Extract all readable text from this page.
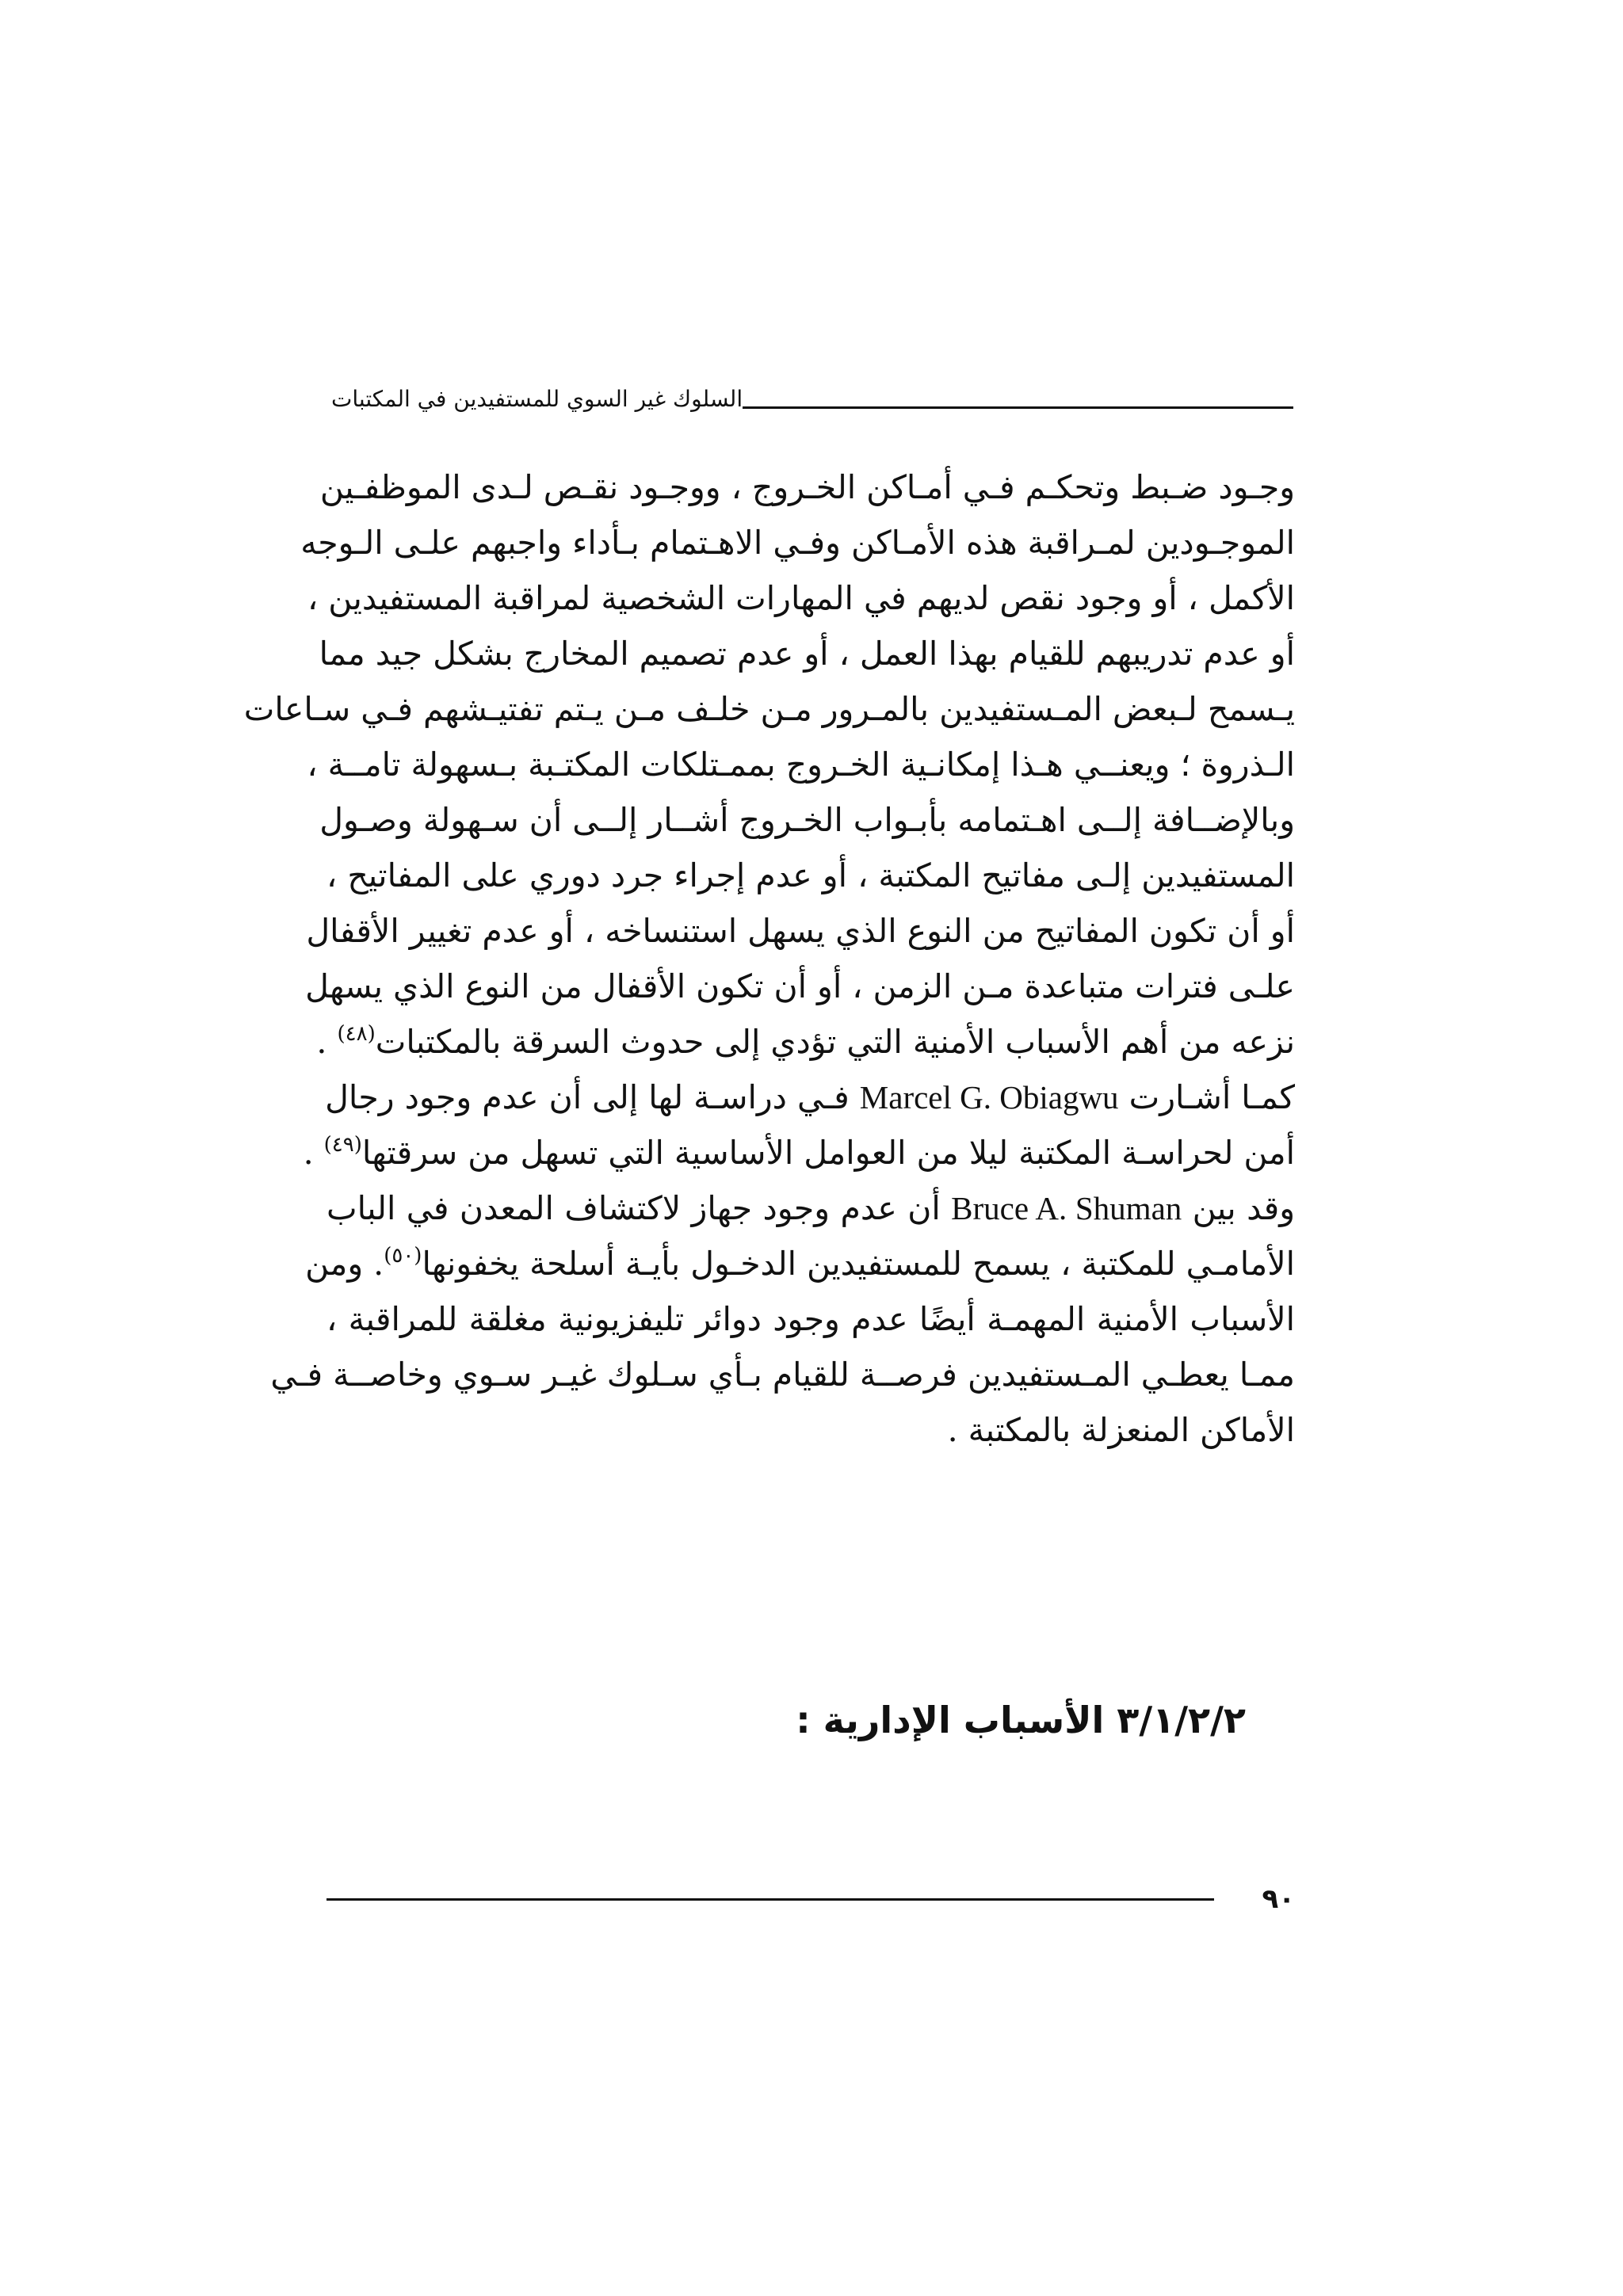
السلوك غير السوي للمستفيدين في المكتبات
وجـود ضـبط وتحكـم فـي أمـاكن الخـروج ، ووجـود نقـص لـدى الموظفـين
الموجـودين لمـراقبة هذه الأمـاكن وفـي الاهـتمام بـأداء واجبهم علـى الـوجه
الأكمل ، أو وجود نقص لديهم في المهارات الشخصية لمراقبة المستفيدين ،
أو عدم تدريبهم للقيام بهذا العمل ، أو عدم تصميم المخارج بشكل جيد مما
يـسمح لـبعض المـستفيدين بالمـرور مـن خلـف مـن يـتم تفتيـشهم فـي سـاعات
الـذروة ؛ ويعنــي هـذا إمكانـية الخـروج بممـتلكات المكتـبة بـسهولة تامــة ،
وبالإضــافة إلــى اهـتمامه بأبـواب الخـروج أشــار إلــى أن سـهولة وصـول
المستفيدين إلـى مفاتيح المكتبة ، أو عدم إجراء جرد دوري على المفاتيح ،
أو أن تكون المفاتيح من النوع الذي يسهل استنساخه ، أو عدم تغيير الأقفال
علـى فترات متباعدة مـن الزمن ، أو أن تكون الأقفال من النوع الذي يسهل
نزعه من أهم الأسباب الأمنية التي تؤدي إلى حدوث السرقة بالمكتبات$^{(٤٨)}$ .
كمـا أشـارت Marcel G. Obiagwu فـي دراسـة لها إلى أن عدم وجود رجال
أمن لحراسـة المكتبة ليلا من العوامل الأساسية التي تسهل من سرقتها$^{(٤٩)}$ .
وقد بين Bruce A. Shuman أن عدم وجود جهاز لاكتشاف المعدن في الباب
الأمامـي للمكتبة ، يسمح للمستفيدين الدخـول بأيـة أسلحة يخفونها$^{(٥٠)}$. ومن
الأسباب الأمنية المهمـة أيضًا عدم وجود دوائر تليفزيونية مغلقة للمراقبة ،
ممـا يعطـي المـستفيدين فرصــة للقيام بـأي سـلوك غيـر سـوي وخاصــة فـي
الأماكن المنعزلة بالمكتبة .
٣/١/٢/٢ الأسباب الإدارية :
٩٠
